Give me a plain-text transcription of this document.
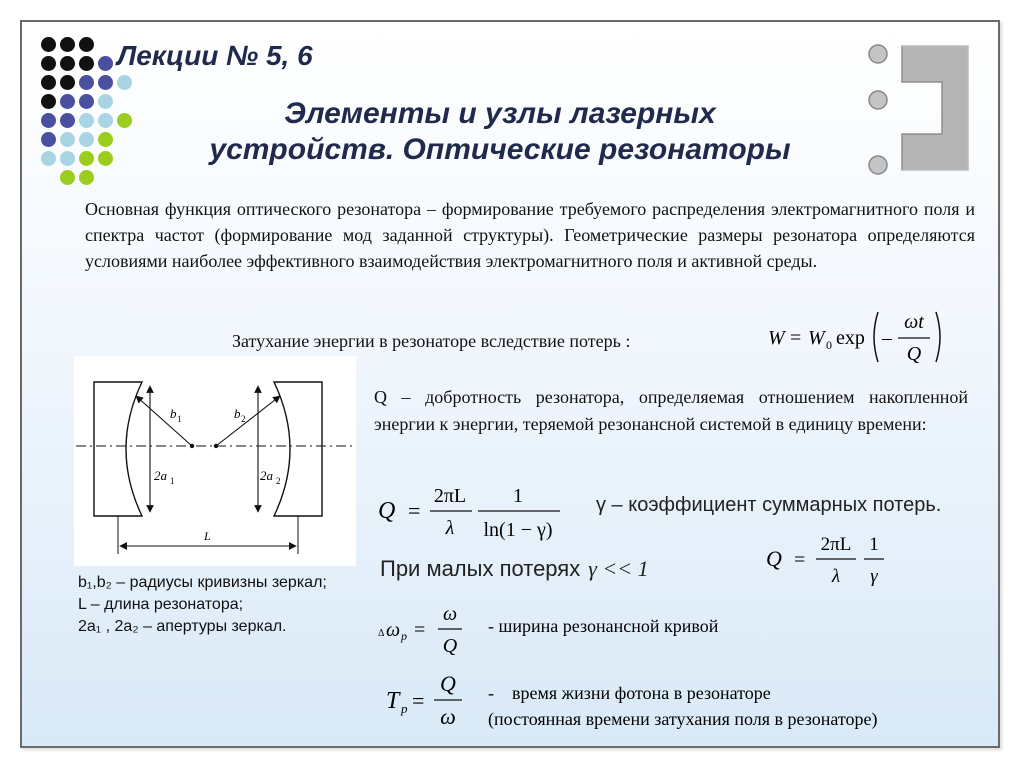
Лекции № 5, 6
Элементы и узлы лазерных
устройств. Оптические резонаторы

Основная функция оптического резонатора – формирование требуемого распределения электромагнитного поля и спектра частот (формирование мод заданной структуры). Геометрические размеры резонатора определяются условиями наиболее эффективного взаимодействия электромагнитного поля и активной среды.

Затухание энергии в резонаторе вследствие потерь :	W = W 0 exp –
ωt
Q
b 1	b 2
2a 1	2a 2
L
b₁,b₂ – радиусы кривизны зеркал;
L – длина резонатора;
2a₁ , 2a₂ – апертуры зеркал.

Q – добротность резонатора, определяемая отношением накопленной энергии к энергии, теряемой резонансной системой в единицу времени:

Q =
2πL
λ
1
ln(1 − γ)
γ – коэффициент суммарных потерь.
При малых потерях γ << 1	Q =
2πL
λ
1
γ
Δ ω p =
ω
Q
- ширина резонансной кривой
T p =
Q
ω
-    время жизни фотона в резонаторе
(постоянная времени затухания поля в резонаторе)
